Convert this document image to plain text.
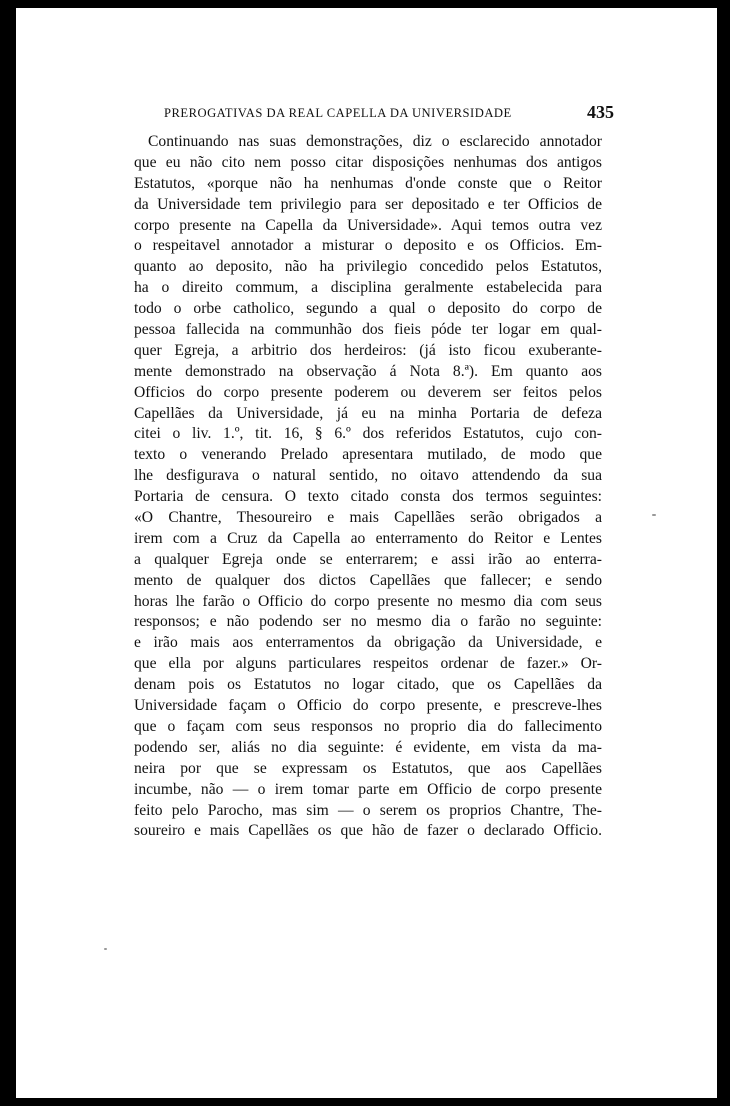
PREROGATIVAS DA REAL CAPELLA DA UNIVERSIDADE	435
Continuando nas suas demonstrações, diz o esclarecido annotador
que eu não cito nem posso citar disposições nenhumas dos antigos
Estatutos, «porque não ha nenhumas d'onde conste que o Reitor
da Universidade tem privilegio para ser depositado e ter Officios de
corpo presente na Capella da Universidade». Aqui temos outra vez
o respeitavel annotador a misturar o deposito e os Officios. Em-
quanto ao deposito, não ha privilegio concedido pelos Estatutos,
ha o direito commum, a disciplina geralmente estabelecida para
todo o orbe catholico, segundo a qual o deposito do corpo de
pessoa fallecida na communhão dos fieis póde ter logar em qual-
quer Egreja, a arbitrio dos herdeiros: (já isto ficou exuberante-
mente demonstrado na observação á Nota 8.ª). Em quanto aos
Officios do corpo presente poderem ou deverem ser feitos pelos
Capellães da Universidade, já eu na minha Portaria de defeza
citei o liv. 1.º, tit. 16, § 6.º dos referidos Estatutos, cujo con-
texto o venerando Prelado apresentara mutilado, de modo que
lhe desfigurava o natural sentido, no oitavo attendendo da sua
Portaria de censura. O texto citado consta dos termos seguintes:
«O Chantre, Thesoureiro e mais Capellães serão obrigados a
irem com a Cruz da Capella ao enterramento do Reitor e Lentes
a qualquer Egreja onde se enterrarem; e assi irão ao enterra-
mento de qualquer dos dictos Capellães que fallecer; e sendo
horas lhe farão o Officio do corpo presente no mesmo dia com seus
responsos; e não podendo ser no mesmo dia o farão no seguinte:
e irão mais aos enterramentos da obrigação da Universidade, e
que ella por alguns particulares respeitos ordenar de fazer.» Or-
denam pois os Estatutos no logar citado, que os Capellães da
Universidade façam o Officio do corpo presente, e prescreve-lhes
que o façam com seus responsos no proprio dia do fallecimento
podendo ser, aliás no dia seguinte: é evidente, em vista da ma-
neira por que se expressam os Estatutos, que aos Capellães
incumbe, não — o irem tomar parte em Officio de corpo presente
feito pelo Parocho, mas sim — o serem os proprios Chantre, The-
soureiro e mais Capellães os que hão de fazer o declarado Officio.
